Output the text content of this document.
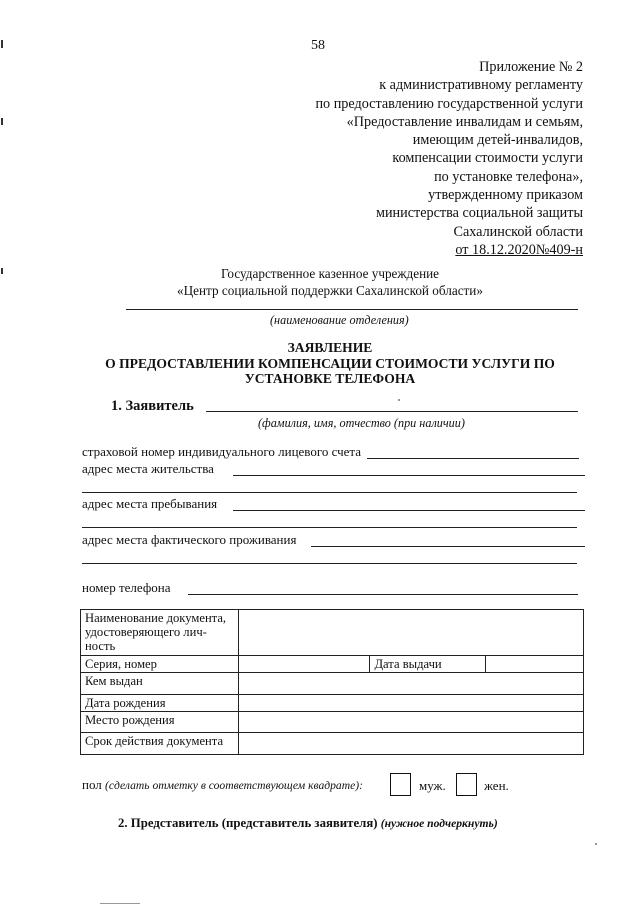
58
Приложение № 2
к административному регламенту
по предоставлению государственной услуги
«Предоставление инвалидам и семьям,
имеющим детей-инвалидов,
компенсации стоимости услуги
по установке телефона»,
утвержденному приказом
министерства социальной защиты
Сахалинской области
от 18.12.2020№409-н
Государственное казенное учреждение
«Центр социальной поддержки Сахалинской области»
(наименование отделения)
ЗАЯВЛЕНИЕ
О ПРЕДОСТАВЛЕНИИ КОМПЕНСАЦИИ СТОИМОСТИ УСЛУГИ ПО
УСТАНОВКЕ ТЕЛЕФОНА
1. Заявитель
(фамилия, имя, отчество (при наличии)
страховой номер индивидуального лицевого счета
адрес места жительства
адрес места пребывания
адрес места фактического проживания
номер телефона
Наименование документа, удостоверяющего лич-ность			
Серия, номер		Дата выдачи	
Кем выдан			
Дата рождения			
Место рождения			
Срок действия документа			
пол (сделать отметку в соответствующем квадрате):	муж.	жен.
2. Представитель (представитель заявителя) (нужное подчеркнуть)
